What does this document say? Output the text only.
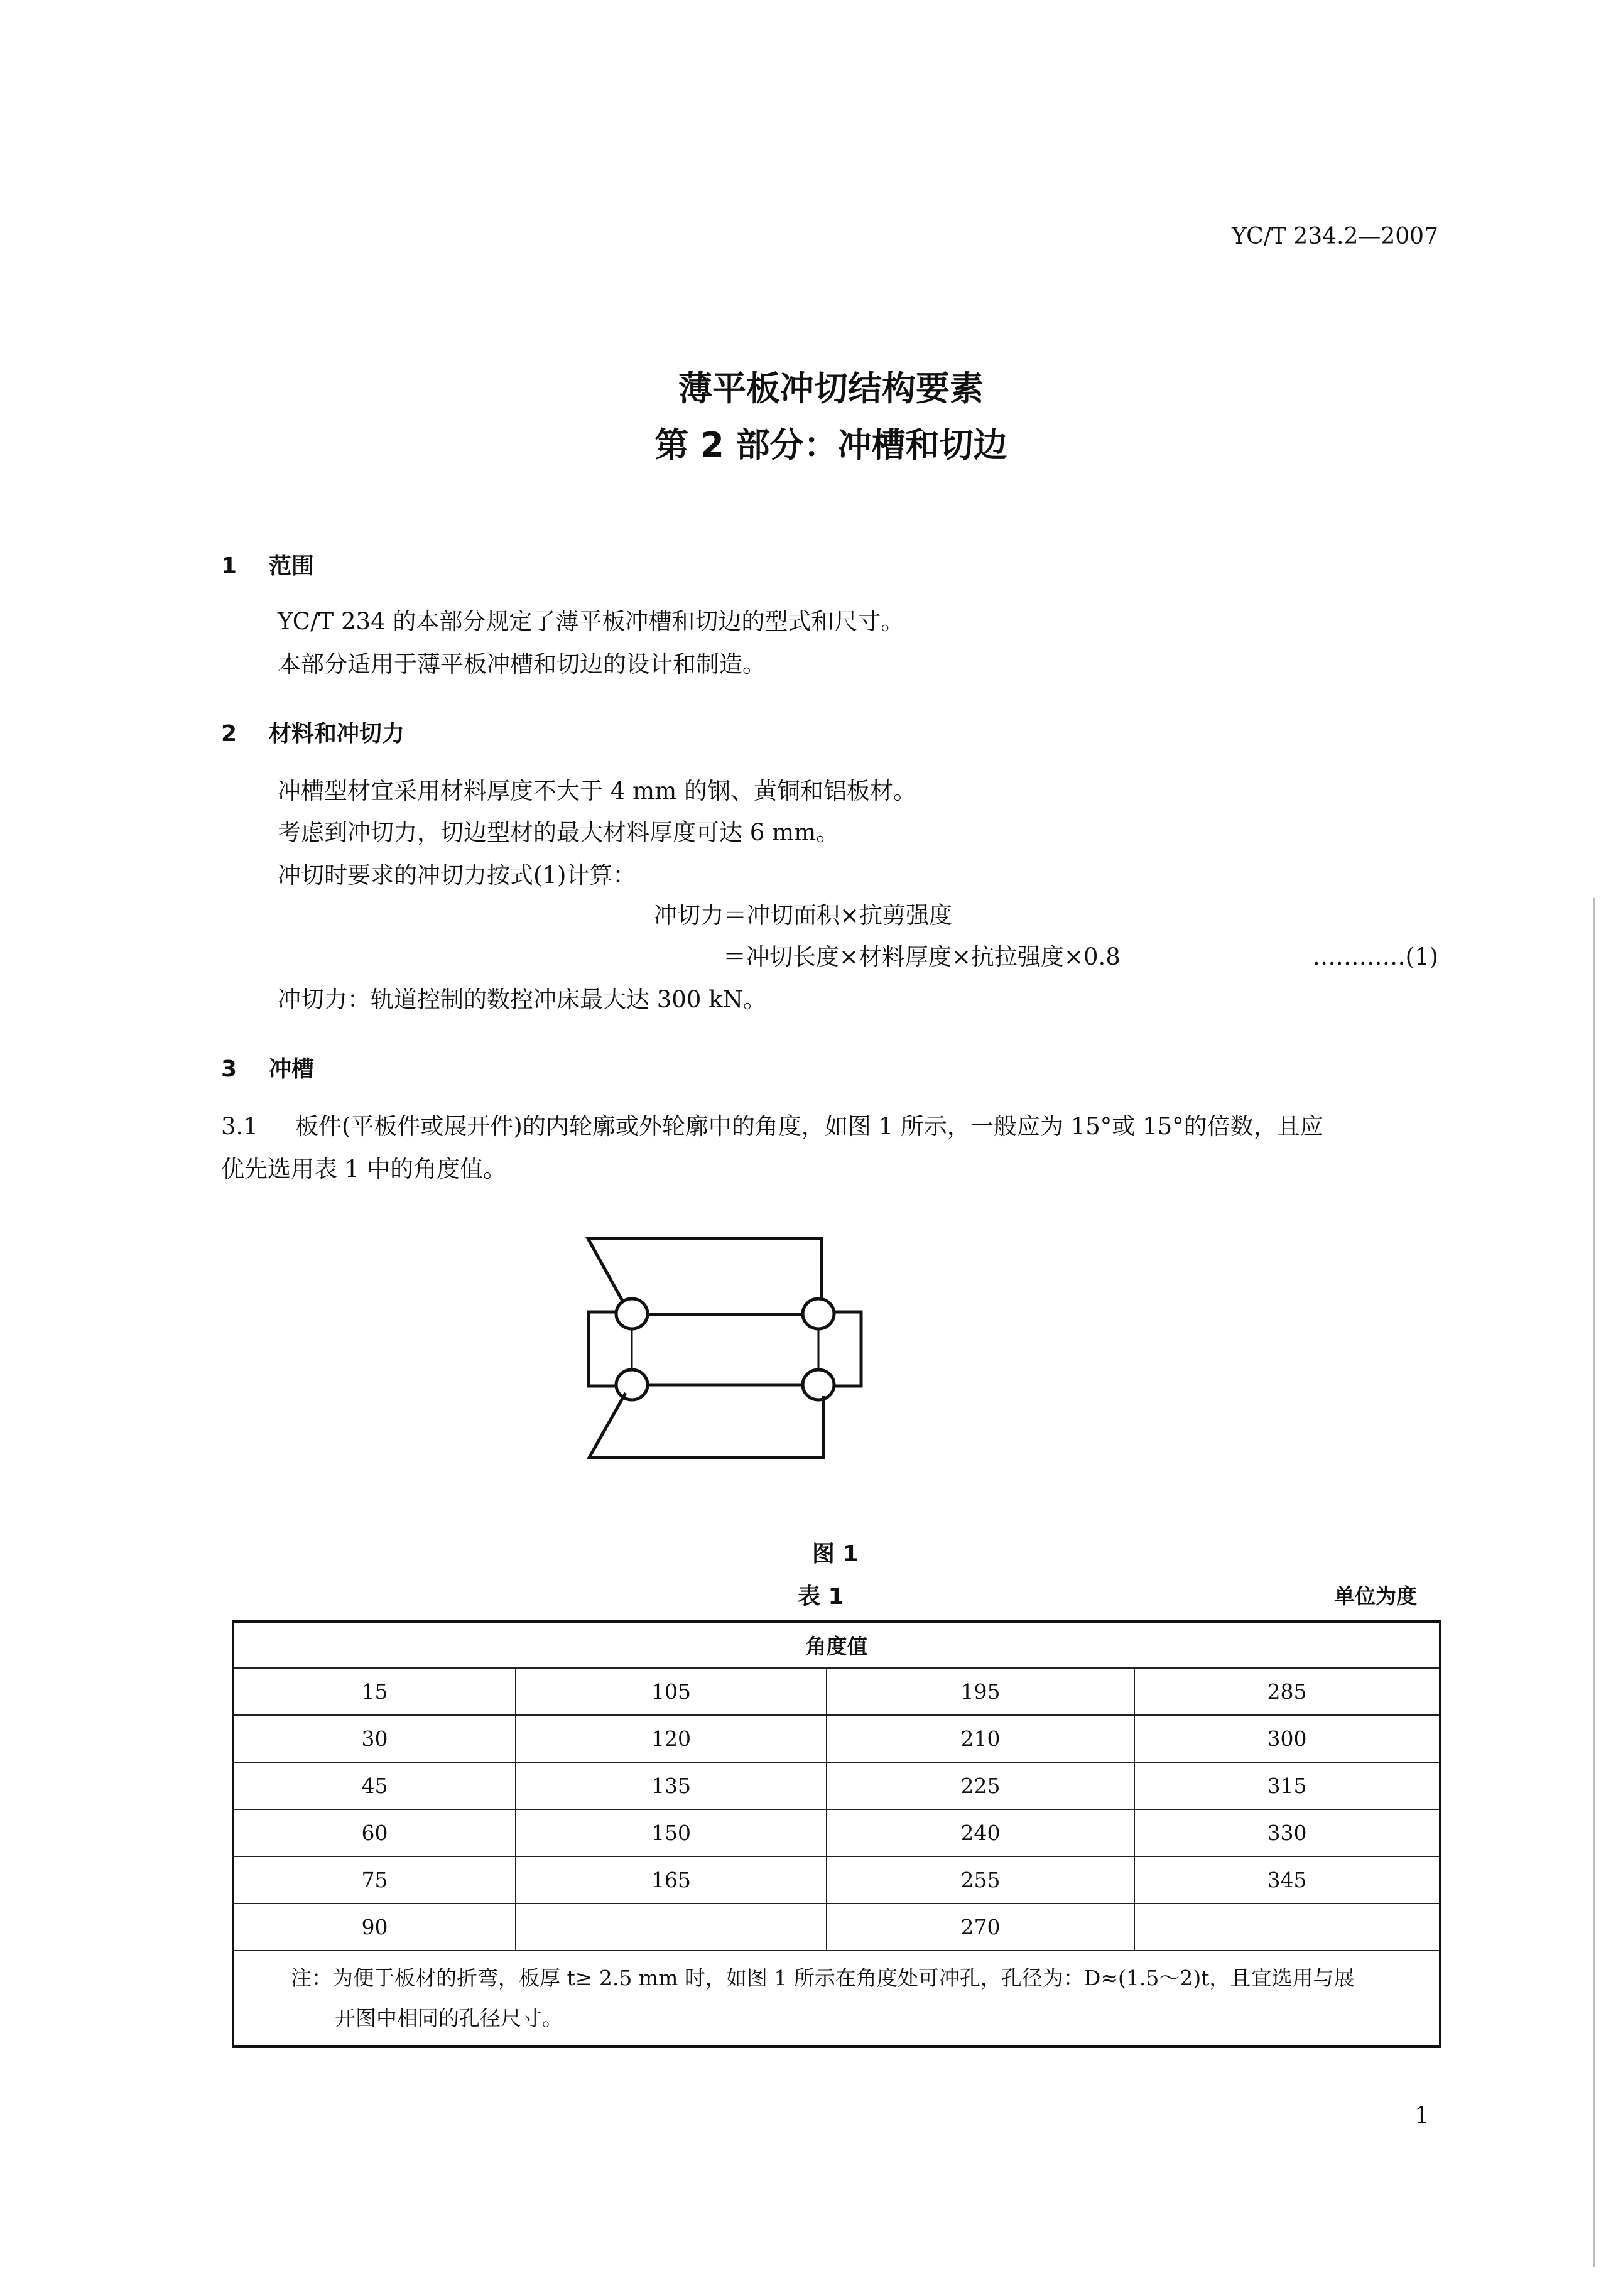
YC/T 234.2—2007
薄平板冲切结构要素
第 2 部分：冲槽和切边
1 范围
YC/T 234 的本部分规定了薄平板冲槽和切边的型式和尺寸。
本部分适用于薄平板冲槽和切边的设计和制造。
2 材料和冲切力
冲槽型材宜采用材料厚度不大于 4 mm 的钢、黄铜和铝板材。
考虑到冲切力，切边型材的最大材料厚度可达 6 mm。
冲切时要求的冲切力按式(1)计算：
冲切力＝冲切面积×抗剪强度
＝冲切长度×材料厚度×抗拉强度×0.8	…………(1)
冲切力：轨道控制的数控冲床最大达 300 kN。
3 冲槽
3.1 板件(平板件或展开件)的内轮廓或外轮廓中的角度，如图 1 所示，一般应为 15°或 15°的倍数，且应
优先选用表 1 中的角度值。
图 1
表 1	单位为度
角度值			
15	105	195	285
30	120	210	300
45	135	225	315
60	150	240	330
75	165	255	345
90		270	

注：为便于板材的折弯，板厚 t≥ 2.5 mm 时，如图 1 所示在角度处可冲孔，孔径为：D≈(1.5～2)t，且宜选用与展
开图中相同的孔径尺寸。			
1
